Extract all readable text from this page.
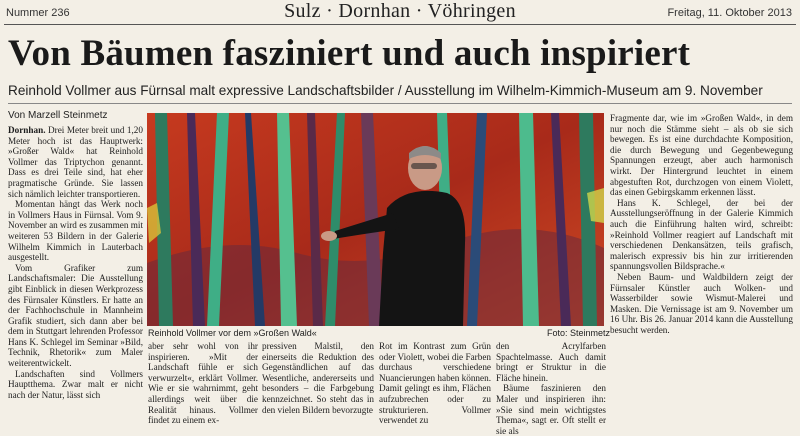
Nummer 236	Sulz · Dornhan · Vöhringen	Freitag, 11. Oktober 2013
Von Bäumen fasziniert und auch inspiriert
Reinhold Vollmer aus Fürnsal malt expressive Landschaftsbilder / Ausstellung im Wilhelm-Kimmich-Museum am 9. November
Von Marzell Steinmetz

Dornhan. Drei Meter breit und 1,20 Meter hoch ist das Hauptwerk: »Großer Wald« hat Reinhold Vollmer das Triptychon genannt. Dass es drei Teile sind, hat eher pragmatische Gründe. Sie lassen sich nämlich leichter transportieren.

Momentan hängt das Werk noch in Vollmers Haus in Fürnsal. Vom 9. November an wird es zusammen mit weiteren 53 Bildern in der Galerie Wilhelm Kimmich in Lauterbach ausgestellt.

Vom Grafiker zum Landschaftsmaler: Die Ausstellung gibt Einblick in diesen Werkprozess des Fürnsaler Künstlers. Er hatte an der Fachhochschule in Mannheim Grafik studiert, sich dann aber bei dem in Stuttgart lehrenden Professor Hans K. Schlegel im Seminar »Bild, Technik, Rhetorik« zum Maler weiterentwickelt.

Landschaften sind Vollmers Hauptthema. Zwar malt er nicht nach der Natur, lässt sich

Reinhold Vollmer vor dem »Großen Wald«	Foto: Steinmetz

aber sehr wohl von ihr inspirieren. »Mit der Landschaft fühle er sich verwurzelt«, erklärt Vollmer. Wie er sie wahrnimmt, geht allerdings weit über die Realität hinaus. Vollmer findet zu einem ex-

pressiven Malstil, den einerseits die Reduktion des Gegenständlichen auf das Wesentliche, andererseits und besonders – die Farbgebung kennzeichnet. So steht das in den vielen Bildern bevorzugte

Rot im Kontrast zum Grün oder Violett, wobei die Farben durchaus verschiedene Nuancierungen haben können. Damit gelingt es ihm, Flächen aufzubrechen oder zu strukturieren. Vollmer verwendet zu

den Acrylfarben Spachtelmasse. Auch damit bringt er Struktur in die Fläche hinein.

Bäume faszinieren den Maler und inspirieren ihn: »Sie sind mein wichtigstes Thema«, sagt er. Oft stellt er sie als

Fragmente dar, wie im »Großen Wald«, in dem nur noch die Stämme sieht – als ob sie sich bewegen. Es ist eine durchdachte Komposition, die durch Bewegung und Gegenbewegung Spannungen erzeugt, aber auch harmonisch wirkt. Der Hintergrund leuchtet in einem abgestuften Rot, durchzogen von einem Violett, das einen Gebirgskamm erkennen lässt.

Hans K. Schlegel, der bei der Ausstellungseröffnung in der Galerie Kimmich auch die Einführung halten wird, schreibt: »Reinhold Vollmer reagiert auf Landschaft mit verschiedenen Denkansätzen, teils grafisch, malerisch expressiv bis hin zur irritierenden spannungsvollen Bildsprache.«

Neben Baum- und Waldbildern zeigt der Fürnsaler Künstler auch Wolken- und Wasserbilder sowie Wismut-Malerei und Masken. Die Vernissage ist am 9. November um 16 Uhr. Bis 26. Januar 2014 kann die Ausstellung besucht werden.
